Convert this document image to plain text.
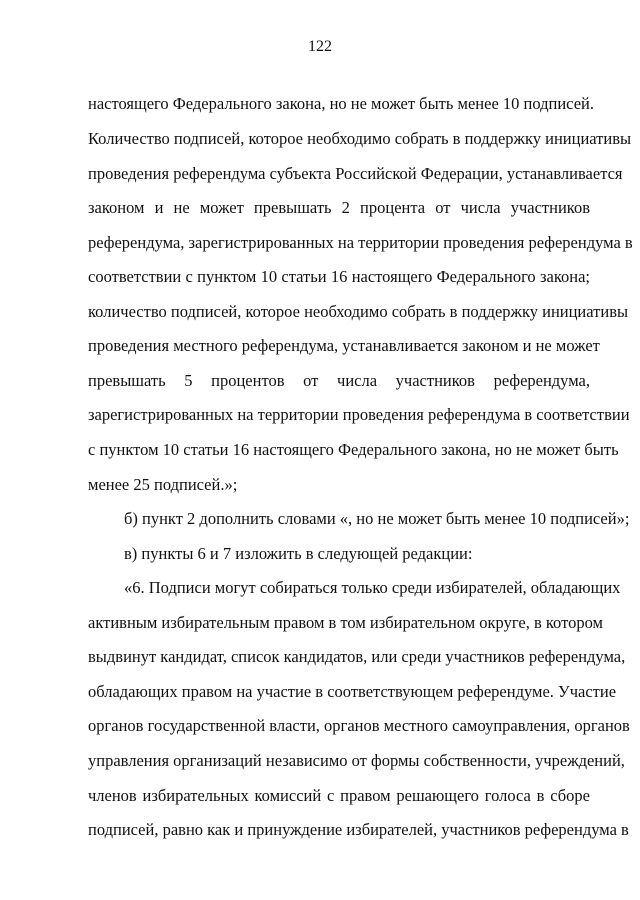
122
настоящего Федерального закона, но не может быть менее 10 подписей.
Количество подписей, которое необходимо собрать в поддержку инициативы
проведения референдума субъекта Российской Федерации, устанавливается
законом и не может превышать 2 процента от числа участников
референдума, зарегистрированных на территории проведения референдума в
соответствии с пунктом 10 статьи 16 настоящего Федерального закона;
количество подписей, которое необходимо собрать в поддержку инициативы
проведения местного референдума, устанавливается законом и не может
превышать 5 процентов от числа участников референдума,
зарегистрированных на территории проведения референдума в соответствии
с пунктом 10 статьи 16 настоящего Федерального закона, но не может быть
менее 25 подписей.»;
б) пункт 2 дополнить словами «, но не может быть менее 10 подписей»;
в) пункты 6 и 7 изложить в следующей редакции:
«6. Подписи могут собираться только среди избирателей, обладающих
активным избирательным правом в том избирательном округе, в котором
выдвинут кандидат, список кандидатов, или среди участников референдума,
обладающих правом на участие в соответствующем референдуме. Участие
органов государственной власти, органов местного самоуправления, органов
управления организаций независимо от формы собственности, учреждений,
членов избирательных комиссий с правом решающего голоса в сборе
подписей, равно как и принуждение избирателей, участников референдума в
